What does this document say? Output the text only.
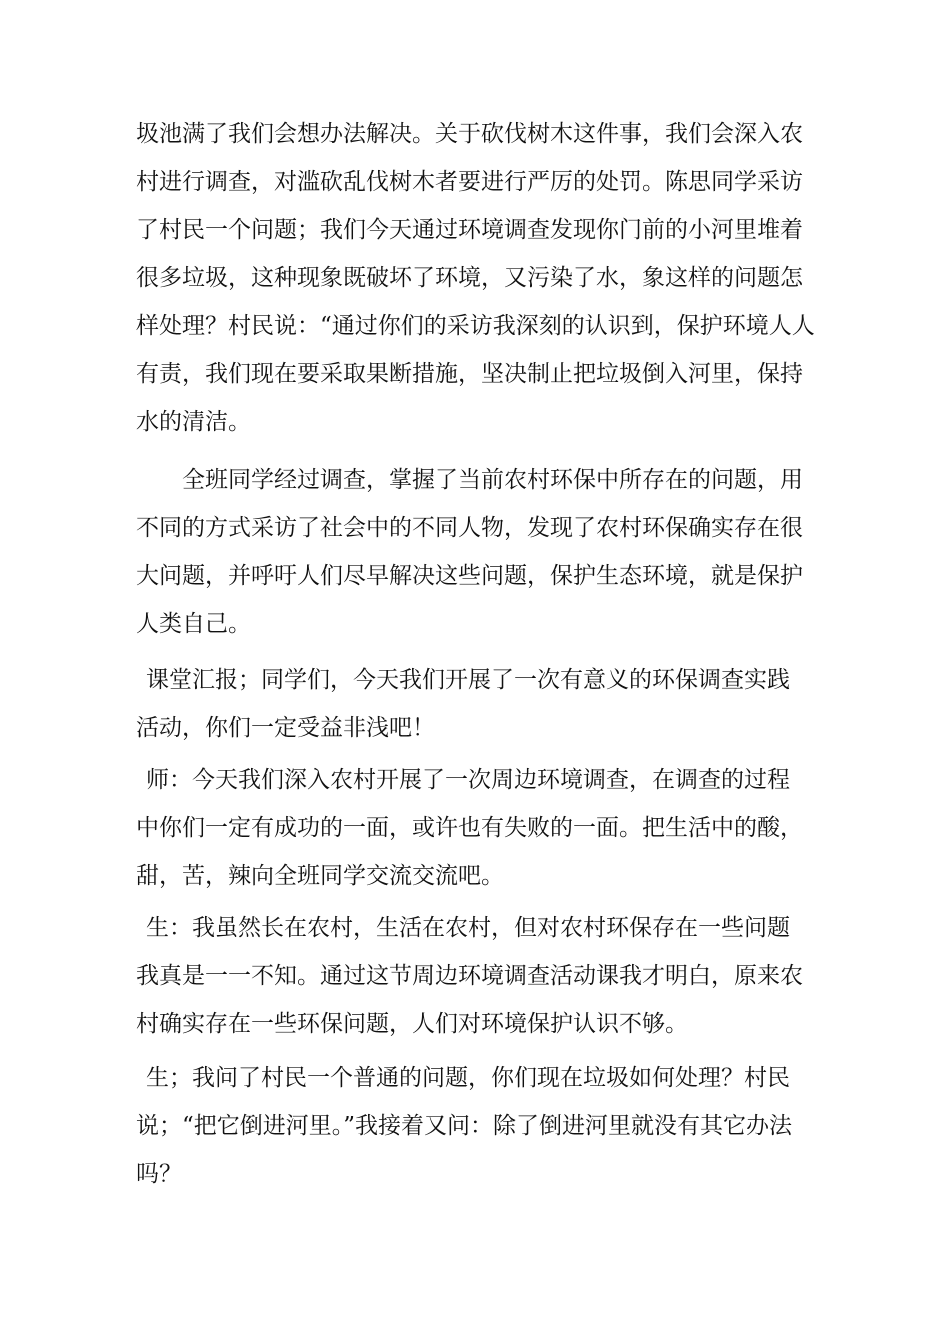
圾池满了我们会想办法解决。关于砍伐树木这件事，我们会深入农
村进行调查，对滥砍乱伐树木者要进行严厉的处罚。陈思同学采访
了村民一个问题；我们今天通过环境调查发现你门前的小河里堆着
很多垃圾，这种现象既破坏了环境，又污染了水，象这样的问题怎
样处理？村民说：“通过你们的采访我深刻的认识到，保护环境人人
有责，我们现在要采取果断措施，坚决制止把垃圾倒入河里，保持
水的清洁。
全班同学经过调查，掌握了当前农村环保中所存在的问题，用
不同的方式采访了社会中的不同人物，发现了农村环保确实存在很
大问题，并呼吁人们尽早解决这些问题，保护生态环境，就是保护
人类自己。
课堂汇报；同学们，今天我们开展了一次有意义的环保调查实践
活动，你们一定受益非浅吧！
师：今天我们深入农村开展了一次周边环境调查，在调查的过程
中你们一定有成功的一面，或许也有失败的一面。把生活中的酸，
甜，苦，辣向全班同学交流交流吧。
生：我虽然长在农村，生活在农村，但对农村环保存在一些问题
我真是一一不知。通过这节周边环境调查活动课我才明白，原来农
村确实存在一些环保问题，人们对环境保护认识不够。
生；我问了村民一个普通的问题，你们现在垃圾如何处理？村民
说；“把它倒进河里。”我接着又问：除了倒进河里就没有其它办法
吗？
